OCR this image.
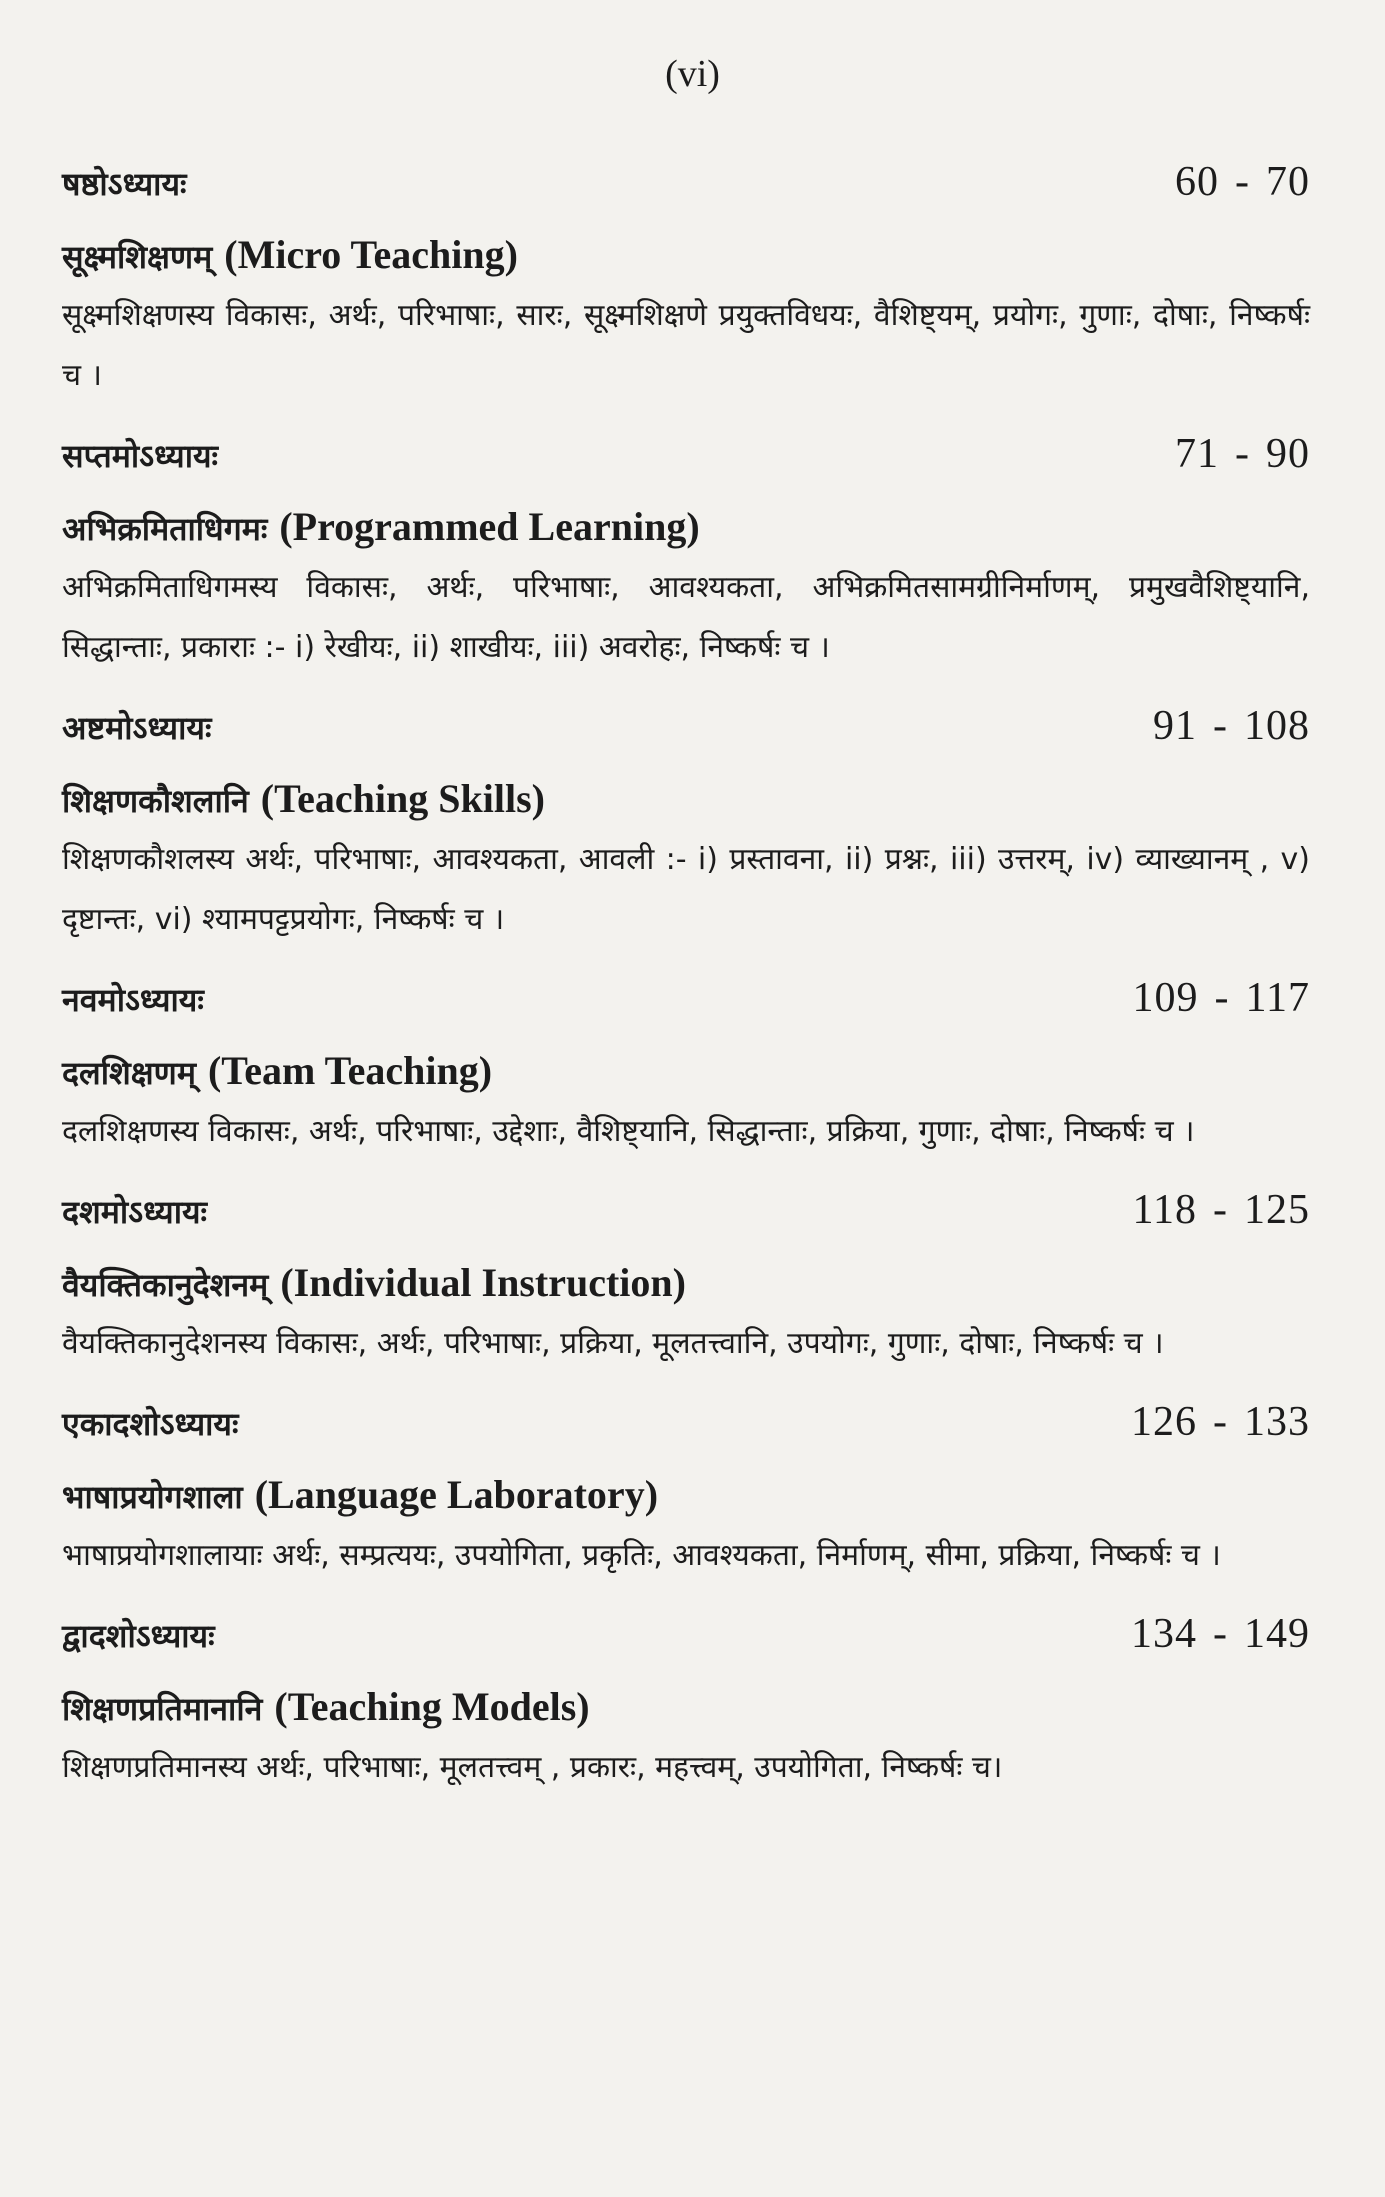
(vi)
षष्ठोऽध्यायः	60 - 70
सूक्ष्मशिक्षणम् (Micro Teaching)
सूक्ष्मशिक्षणस्य विकासः, अर्थः, परिभाषाः, सारः, सूक्ष्मशिक्षणे प्रयुक्तविधयः, वैशिष्ट्यम्, प्रयोगः, गुणाः, दोषाः, निष्कर्षः च ।
सप्तमोऽध्यायः	71 - 90
अभिक्रमिताधिगमः (Programmed Learning)
अभिक्रमिताधिगमस्य विकासः, अर्थः, परिभाषाः, आवश्यकता, अभिक्रमितसामग्रीनिर्माणम्, प्रमुखवैशिष्ट्यानि, सिद्धान्ताः, प्रकाराः :- i) रेखीयः, ii) शाखीयः, iii) अवरोहः, निष्कर्षः च ।
अष्टमोऽध्यायः	91 - 108
शिक्षणकौशलानि (Teaching Skills)
शिक्षणकौशलस्य अर्थः, परिभाषाः, आवश्यकता, आवली :- i) प्रस्तावना, ii) प्रश्नः, iii) उत्तरम्, iv) व्याख्यानम् , v) दृष्टान्तः, vi) श्यामपट्टप्रयोगः, निष्कर्षः च ।
नवमोऽध्यायः	109 - 117
दलशिक्षणम् (Team Teaching)
दलशिक्षणस्य विकासः, अर्थः, परिभाषाः, उद्देशाः, वैशिष्ट्यानि, सिद्धान्ताः, प्रक्रिया, गुणाः, दोषाः, निष्कर्षः च ।
दशमोऽध्यायः	118 - 125
वैयक्तिकानुदेशनम् (Individual Instruction)
वैयक्तिकानुदेशनस्य विकासः, अर्थः, परिभाषाः, प्रक्रिया, मूलतत्त्वानि, उपयोगः, गुणाः, दोषाः, निष्कर्षः च ।
एकादशोऽध्यायः	126 - 133
भाषाप्रयोगशाला (Language Laboratory)
भाषाप्रयोगशालायाः अर्थः, सम्प्रत्ययः, उपयोगिता, प्रकृतिः, आवश्यकता, निर्माणम्, सीमा, प्रक्रिया, निष्कर्षः च ।
द्वादशोऽध्यायः	134 - 149
शिक्षणप्रतिमानानि (Teaching Models)
शिक्षणप्रतिमानस्य अर्थः, परिभाषाः, मूलतत्त्वम् , प्रकारः, महत्त्वम्, उपयोगिता, निष्कर्षः च।
